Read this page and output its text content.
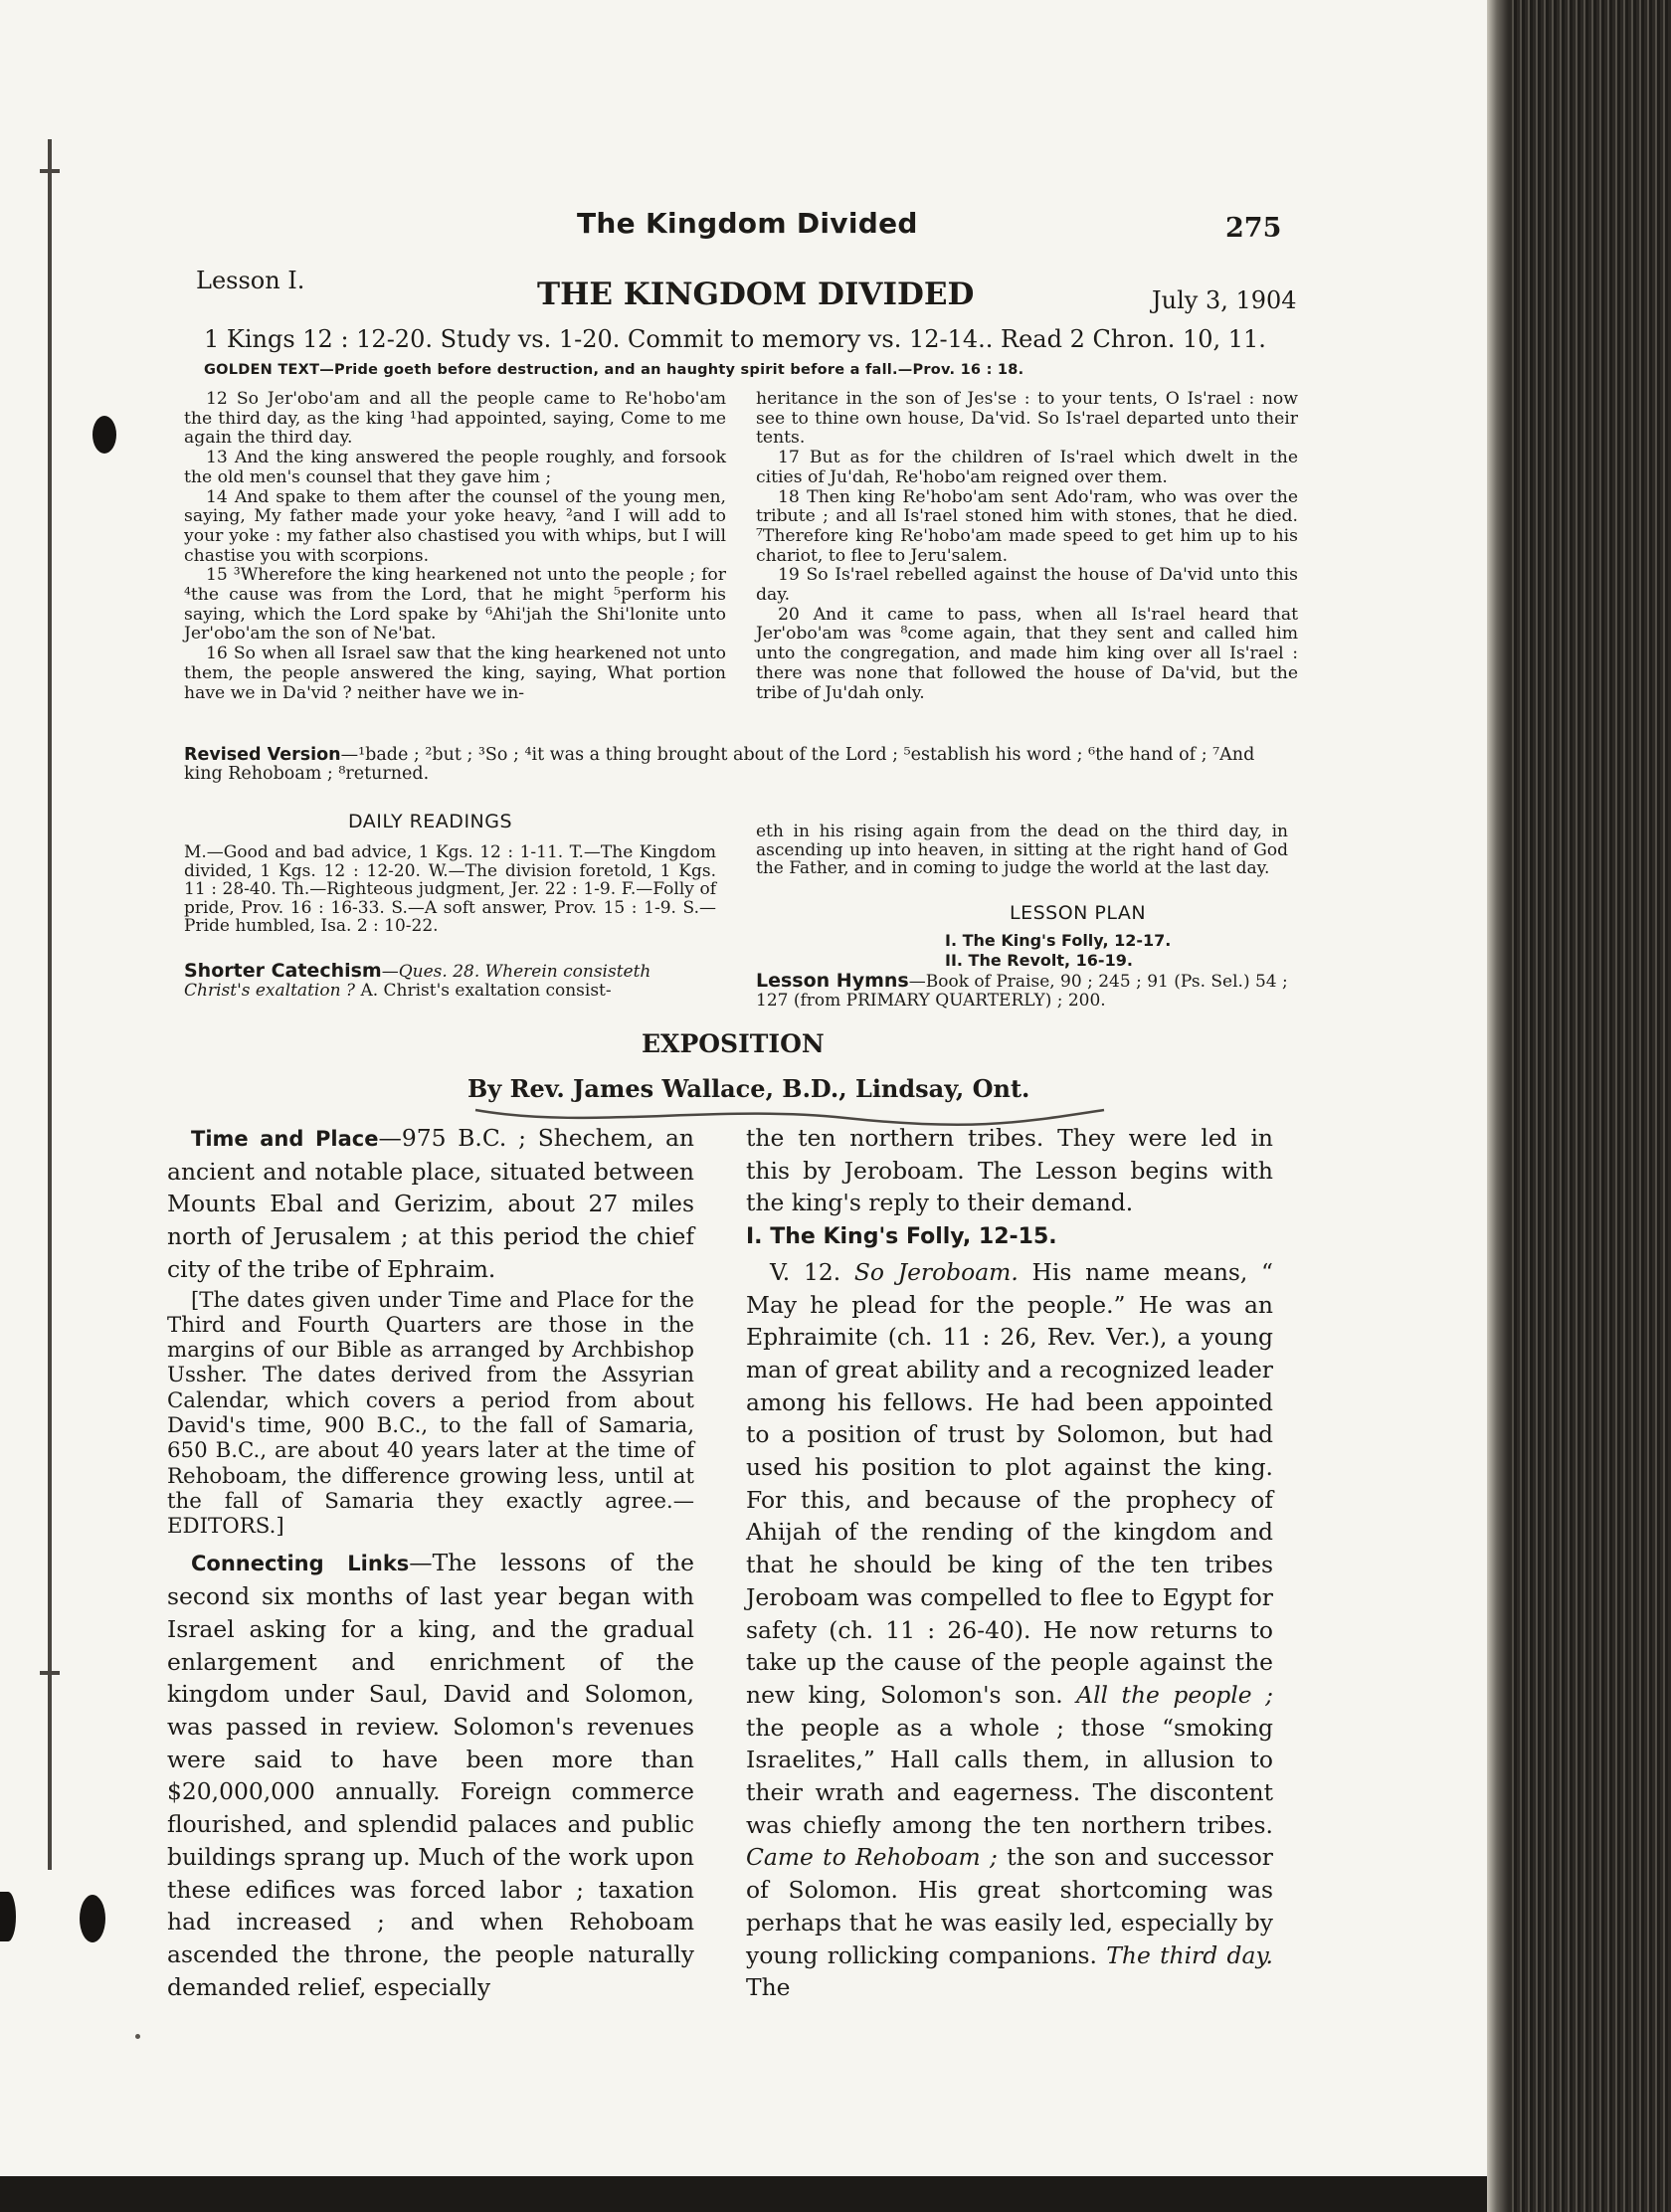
The Kingdom Divided	275
Lesson I.	THE KINGDOM DIVIDED	July 3, 1904
1 Kings 12 : 12-20. Study vs. 1-20. Commit to memory vs. 12-14.. Read 2 Chron. 10, 11.
GOLDEN TEXT—Pride goeth before destruction, and an haughty spirit before a fall.—Prov. 16 : 18.

12 So Jer'obo'am and all the people came to Re'hobo'am the third day, as the king ¹had appointed, saying, Come to me again the third day.

13 And the king answered the people roughly, and forsook the old men's counsel that they gave him ;

14 And spake to them after the counsel of the young men, saying, My father made your yoke heavy, ²and I will add to your yoke : my father also chastised you with whips, but I will chastise you with scorpions.

15 ³Wherefore the king hearkened not unto the people ; for ⁴the cause was from the Lord, that he might ⁵perform his saying, which the Lord spake by ⁶Ahi'jah the Shi'lonite unto Jer'obo'am the son of Ne'bat.

16 So when all Israel saw that the king hearkened not unto them, the people answered the king, saying, What portion have we in Da'vid ? neither have we in-

heritance in the son of Jes'se : to your tents, O Is'rael : now see to thine own house, Da'vid. So Is'rael departed unto their tents.

17 But as for the children of Is'rael which dwelt in the cities of Ju'dah, Re'hobo'am reigned over them.

18 Then king Re'hobo'am sent Ado'ram, who was over the tribute ; and all Is'rael stoned him with stones, that he died. ⁷Therefore king Re'hobo'am made speed to get him up to his chariot, to flee to Jeru'salem.

19 So Is'rael rebelled against the house of Da'vid unto this day.

20 And it came to pass, when all Is'rael heard that Jer'obo'am was ⁸come again, that they sent and called him unto the congregation, and made him king over all Is'rael : there was none that followed the house of Da'vid, but the tribe of Ju'dah only.

Revised Version—¹bade ; ²but ; ³So ; ⁴it was a thing brought about of the Lord ; ⁵establish his word ; ⁶the hand of ; ⁷And king Rehoboam ; ⁸returned.
DAILY READINGS
M.—Good and bad advice, 1 Kgs. 12 : 1-11. T.—The Kingdom divided, 1 Kgs. 12 : 12-20. W.—The division foretold, 1 Kgs. 11 : 28-40. Th.—Righteous judgment, Jer. 22 : 1-9. F.—Folly of pride, Prov. 16 : 16-33. S.—A soft answer, Prov. 15 : 1-9. S.—Pride humbled, Isa. 2 : 10-22.
Shorter Catechism—Ques. 28. Wherein consisteth Christ's exaltation ? A. Christ's exaltation consist-
eth in his rising again from the dead on the third day, in ascending up into heaven, in sitting at the right hand of God the Father, and in coming to judge the world at the last day.
LESSON PLAN
I. The King's Folly, 12-17.
II. The Revolt, 16-19.
Lesson Hymns—Book of Praise, 90 ; 245 ; 91 (Ps. Sel.) 54 ; 127 (from PRIMARY QUARTERLY) ; 200.
EXPOSITION
By Rev. James Wallace, B.D., Lindsay, Ont.

Time and Place—975 B.C. ; Shechem, an ancient and notable place, situated between Mounts Ebal and Gerizim, about 27 miles north of Jerusalem ; at this period the chief city of the tribe of Ephraim.

[The dates given under Time and Place for the Third and Fourth Quarters are those in the margins of our Bible as arranged by Archbishop Ussher. The dates derived from the Assyrian Calendar, which covers a period from about David's time, 900 B.C., to the fall of Samaria, 650 B.C., are about 40 years later at the time of Rehoboam, the difference growing less, until at the fall of Samaria they exactly agree.—EDITORS.]

Connecting Links—The lessons of the second six months of last year began with Israel asking for a king, and the gradual enlargement and enrichment of the kingdom under Saul, David and Solomon, was passed in review. Solomon's revenues were said to have been more than $20,000,000 annually. Foreign commerce flourished, and splendid palaces and public buildings sprang up. Much of the work upon these edifices was forced labor ; taxation had increased ; and when Rehoboam ascended the throne, the people naturally demanded relief, especially

the ten northern tribes. They were led in this by Jeroboam. The Lesson begins with the king's reply to their demand.

I. The King's Folly, 12-15.

V. 12. So Jeroboam. His name means, “ May he plead for the people.” He was an Ephraimite (ch. 11 : 26, Rev. Ver.), a young man of great ability and a recognized leader among his fellows. He had been appointed to a position of trust by Solomon, but had used his position to plot against the king. For this, and because of the prophecy of Ahijah of the rending of the kingdom and that he should be king of the ten tribes Jeroboam was compelled to flee to Egypt for safety (ch. 11 : 26-40). He now returns to take up the cause of the people against the new king, Solomon's son. All the people ; the people as a whole ; those “smoking Israelites,” Hall calls them, in allusion to their wrath and eagerness. The discontent was chiefly among the ten northern tribes. Came to Rehoboam ; the son and successor of Solomon. His great shortcoming was perhaps that he was easily led, especially by young rollicking companions. The third day. The
